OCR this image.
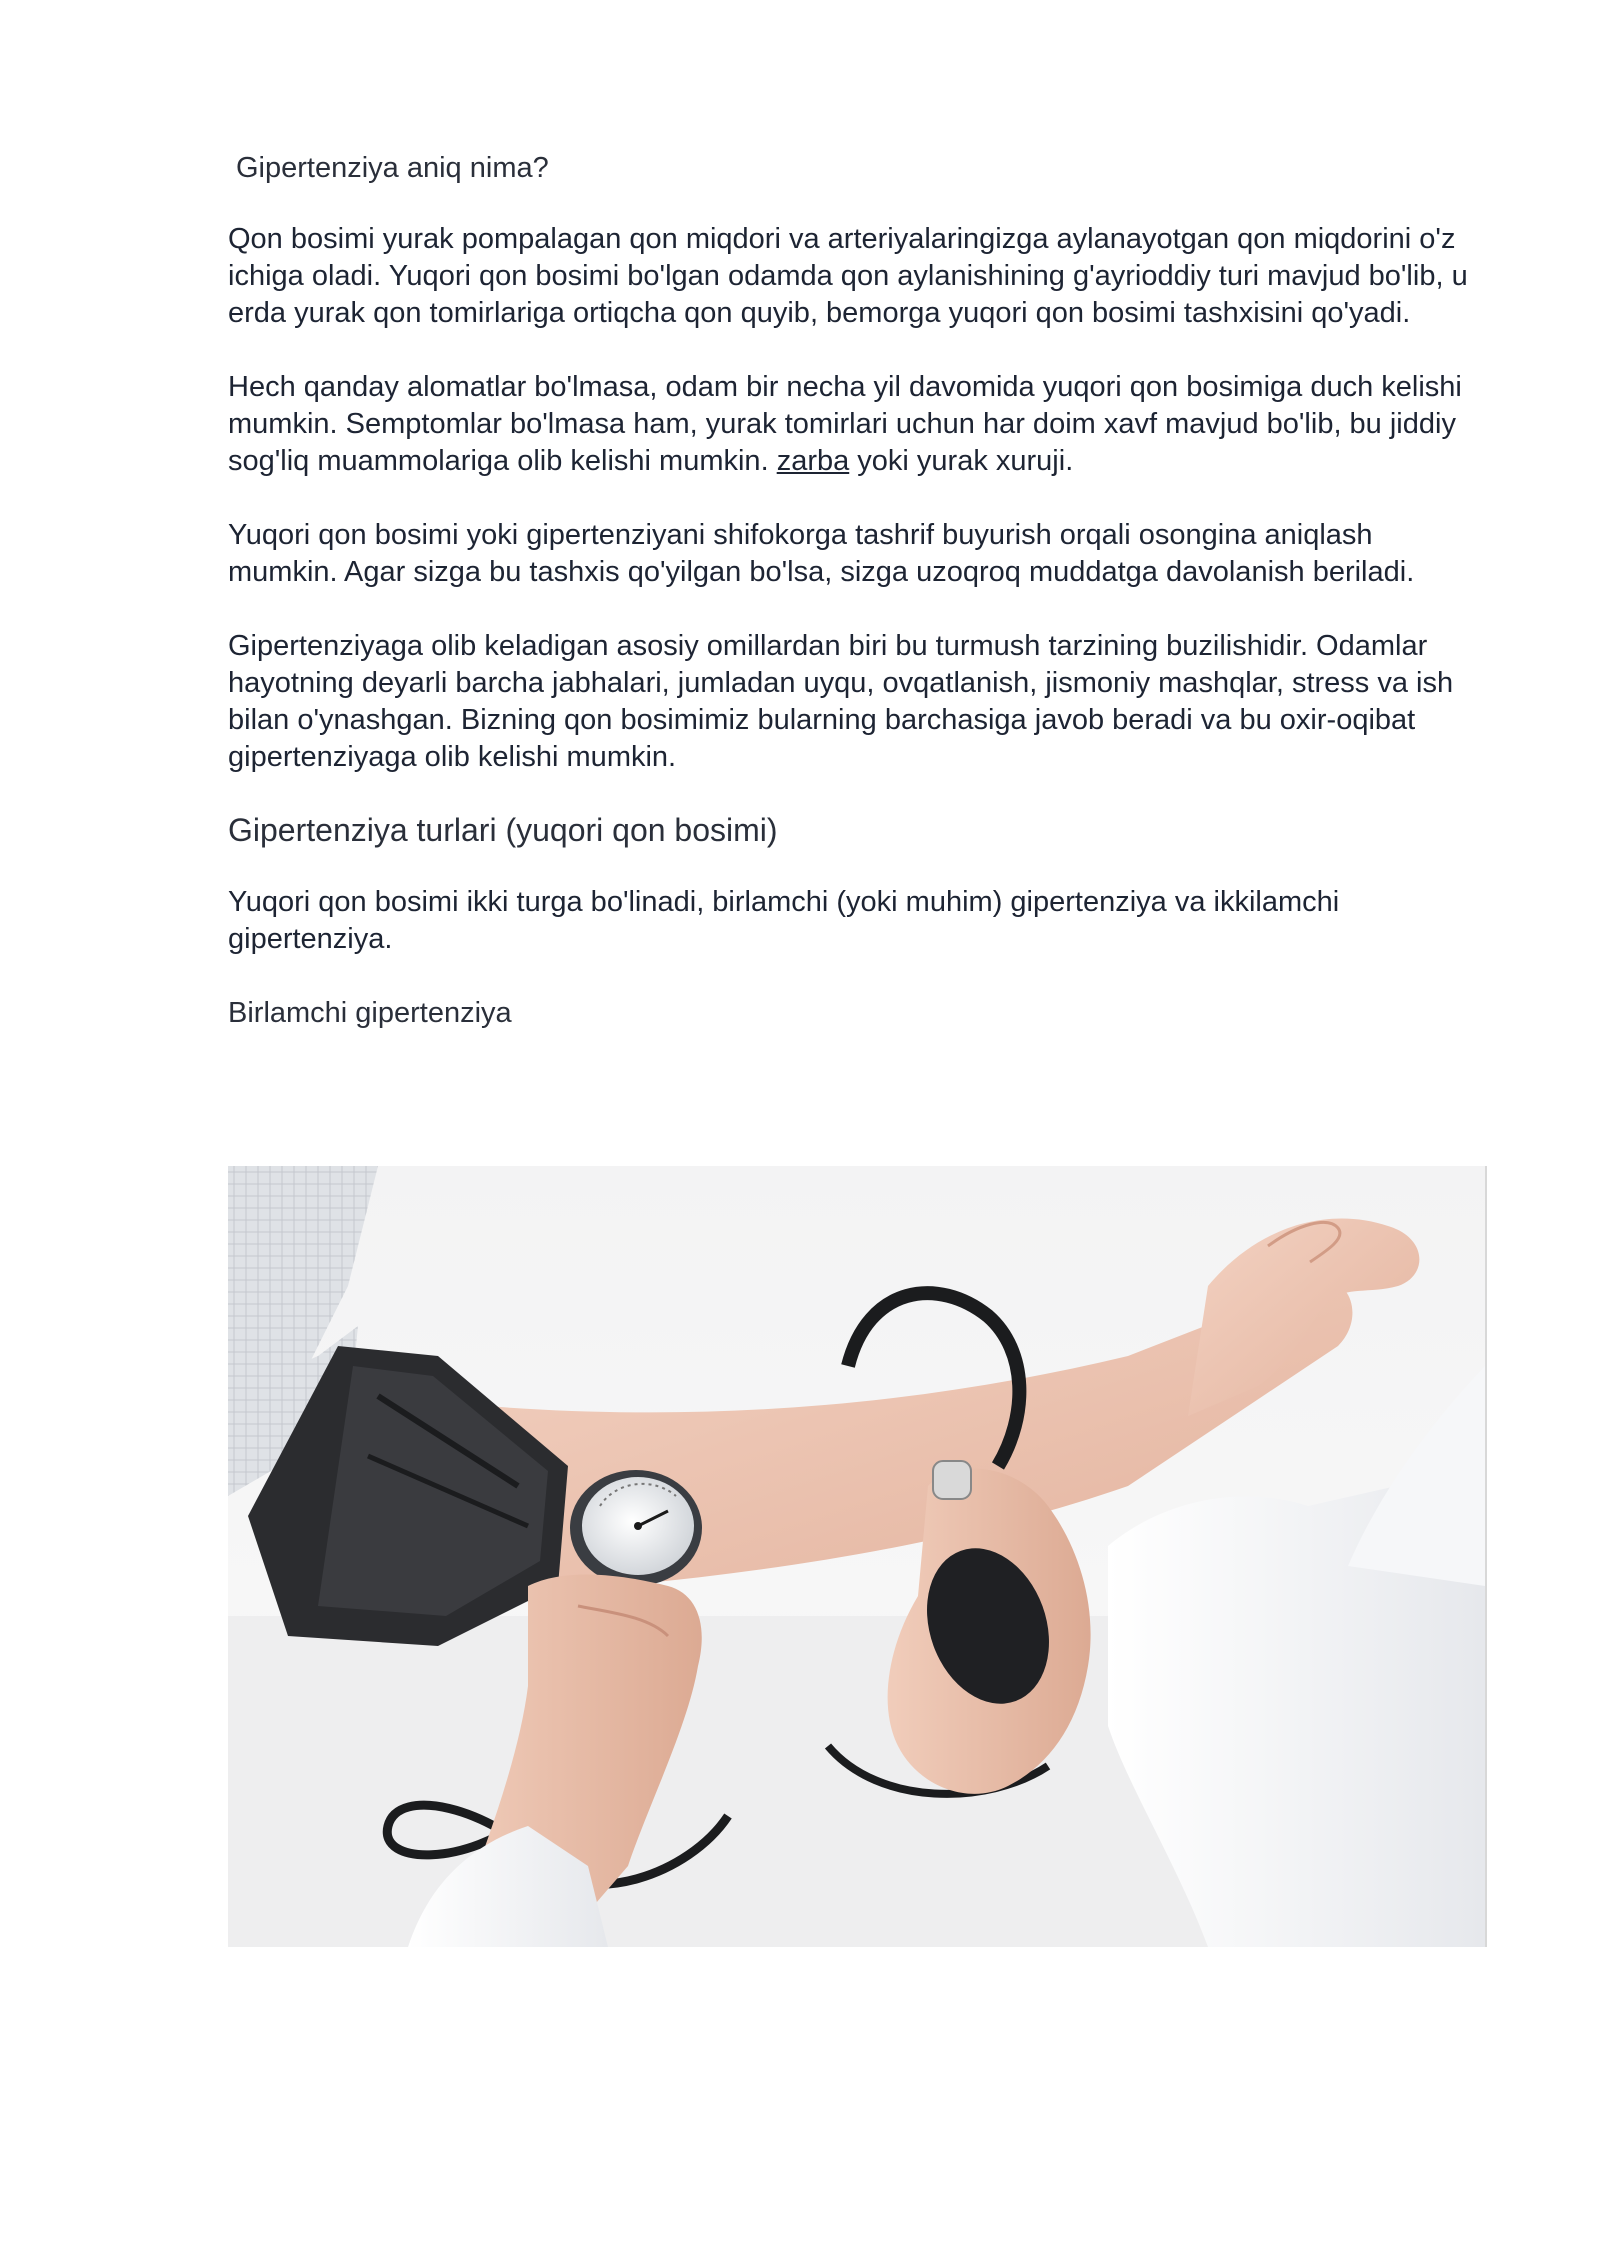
Gipertenziya aniq nima?

Qon bosimi yurak pompalagan qon miqdori va arteriyalaringizga aylanayotgan qon miqdorini o'z ichiga oladi. Yuqori qon bosimi bo'lgan odamda qon aylanishining g'ayrioddiy turi mavjud bo'lib, u erda yurak qon tomirlariga ortiqcha qon quyib, bemorga yuqori qon bosimi tashxisini qo'yadi.

Hech qanday alomatlar bo'lmasa, odam bir necha yil davomida yuqori qon bosimiga duch kelishi mumkin. Semptomlar bo'lmasa ham, yurak tomirlari uchun har doim xavf mavjud bo'lib, bu jiddiy sog'liq muammolariga olib kelishi mumkin. zarba yoki yurak xuruji.

Yuqori qon bosimi yoki gipertenziyani shifokorga tashrif buyurish orqali osongina aniqlash mumkin. Agar sizga bu tashxis qo'yilgan bo'lsa, sizga uzoqroq muddatga davolanish beriladi.

Gipertenziyaga olib keladigan asosiy omillardan biri bu turmush tarzining buzilishidir. Odamlar hayotning deyarli barcha jabhalari, jumladan uyqu, ovqatlanish, jismoniy mashqlar, stress va ish bilan o'ynashgan. Bizning qon bosimimiz bularning barchasiga javob beradi va bu oxir-oqibat gipertenziyaga olib kelishi mumkin.

Gipertenziya turlari (yuqori qon bosimi)

Yuqori qon bosimi ikki turga bo'linadi, birlamchi (yoki muhim) gipertenziya va ikkilamchi gipertenziya.

Birlamchi gipertenziya
